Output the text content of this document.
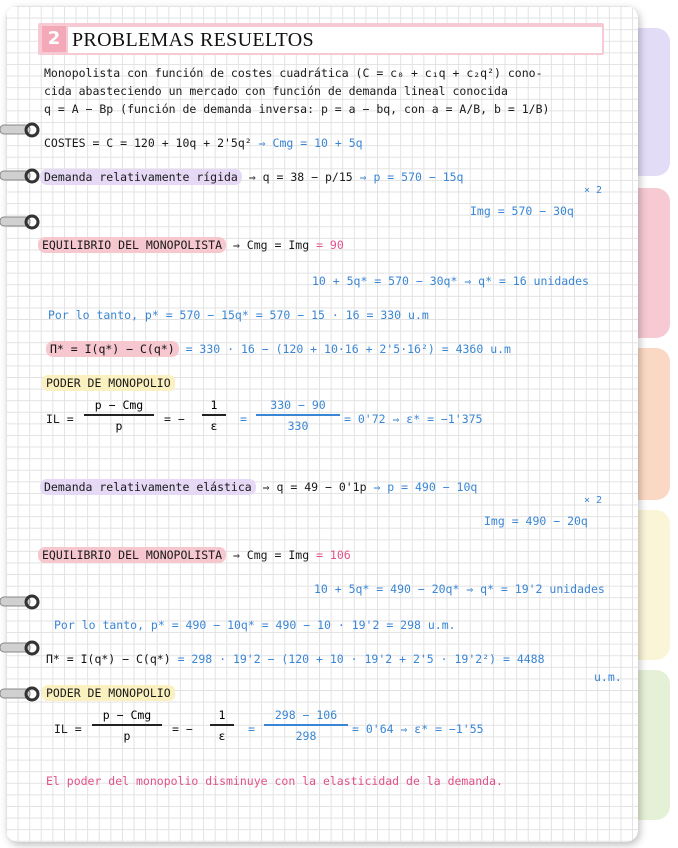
2 PROBLEMAS RESUELTOS
Monopolista con función de costes cuadrática (C = c₀ + c₁q + c₂q²) cono-
cida abasteciendo un mercado con función de demanda lineal conocida
q = A − Bp (función de demanda inversa: p = a − bq, con a = A/B, b = 1/B)
COSTES = C = 120 + 10q + 2'5q² ⇒ Cmg = 10 + 5q
Demanda relativamente rígida ⇒ q = 38 − p/15 ⇒ p = 570 − 15q
× 2
Img = 570 − 30q
EQUILIBRIO DEL MONOPOLISTA ⇒ Cmg = Img = 90
10 + 5q* = 570 − 30q* ⇒ q* = 16 unidades
Por lo tanto, p* = 570 − 15q* = 570 − 15 · 16 = 330 u.m
Π* = I(q*) − C(q*) = 330 · 16 − (120 + 10·16 + 2'5·16²) = 4360 u.m
PODER DE MONOPOLIO
IL =
p − Cmg
p	= −
1
ε	=
330 − 90
330	= 0'72 ⇒ ε* = −1'375
Demanda relativamente elástica ⇒ q = 49 − 0'1p ⇒ p = 490 − 10q
× 2
Img = 490 − 20q
EQUILIBRIO DEL MONOPOLISTA ⇒ Cmg = Img = 106
10 + 5q* = 490 − 20q* ⇒ q* = 19'2 unidades
Por lo tanto, p* = 490 − 10q* = 490 − 10 · 19'2 = 298 u.m.
Π* = I(q*) − C(q*) = 298 · 19'2 − (120 + 10 · 19'2 + 2'5 · 19'2²) = 4488
u.m.
PODER DE MONOPOLIO
IL =
p − Cmg
p	= −
1
ε	=
298 − 106
298	= 0'64 ⇒ ε* = −1'55
El poder del monopolio disminuye con la elasticidad de la demanda.
